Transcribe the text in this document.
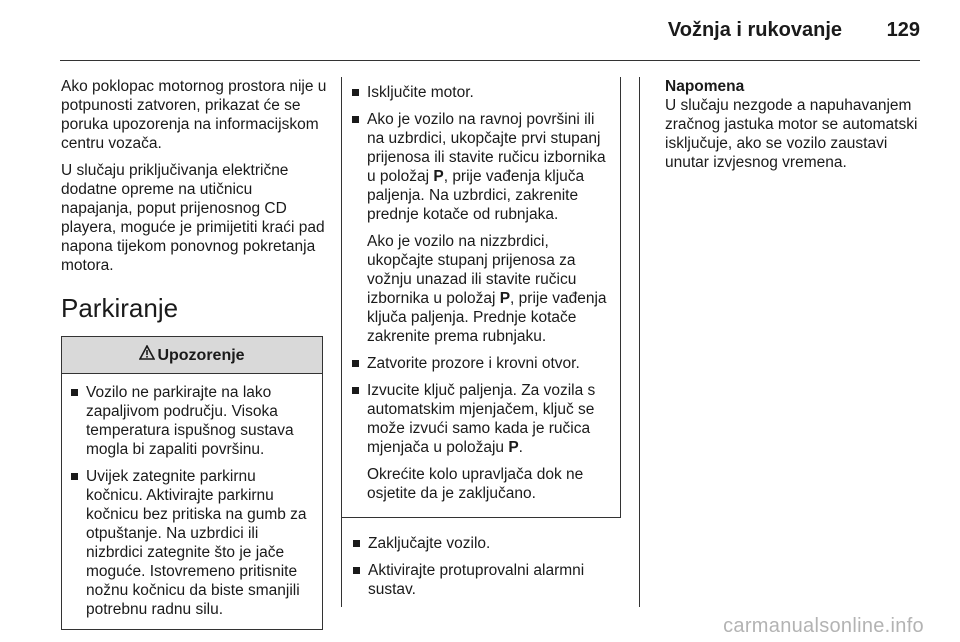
Vožnja i rukovanje 129

Ako poklopac motornog prostora nije u potpunosti zatvoren, prikazat će se poruka upozorenja na informacijskom centru vozača.

U slučaju priključivanja električne dodatne opreme na utičnicu napajanja, poput prijenosnog CD playera, moguće je primijetiti kraći pad napona tijekom ponovnog pokretanja motora.

Parkiranje
Upozorenje
Vozilo ne parkirajte na lako zapaljivom području. Visoka temperatura ispušnog sustava mogla bi zapaliti površinu.
Uvijek zategnite parkirnu kočnicu. Aktivirajte parkirnu kočnicu bez pritiska na gumb za otpuštanje. Na uzbrdici ili nizbrdici zategnite što je jače moguće. Istovremeno pritisnite nožnu kočnicu da biste smanjili potrebnu radnu silu.
Isključite motor.

Ako je vozilo na ravnoj površini ili na uzbrdici, ukopčajte prvi stupanj prijenosa ili stavite ručicu izbornika u položaj P, prije vađenja ključa paljenja. Na uzbrdici, zakrenite prednje kotače od rubnjaka.

Ako je vozilo na nizzbrdici, ukopčajte stupanj prijenosa za vožnju unazad ili stavite ručicu izbornika u položaj P, prije vađenja ključa paljenja. Prednje kotače zakrenite prema rubnjaku.

Zatvorite prozore i krovni otvor.

Izvucite ključ paljenja. Za vozila s automatskim mjenjačem, ključ se može izvući samo kada je ručica mjenjača u položaju P.

Okrećite kolo upravljača dok ne osjetite da je zaključano.

Zaključajte vozilo.
Aktivirajte protuprovalni alarmni sustav.
Napomena
U slučaju nezgode a napuhavanjem zračnog jastuka motor se automatski isključuje, ako se vozilo zaustavi unutar izvjesnog vremena.
carmanualsonline.info
